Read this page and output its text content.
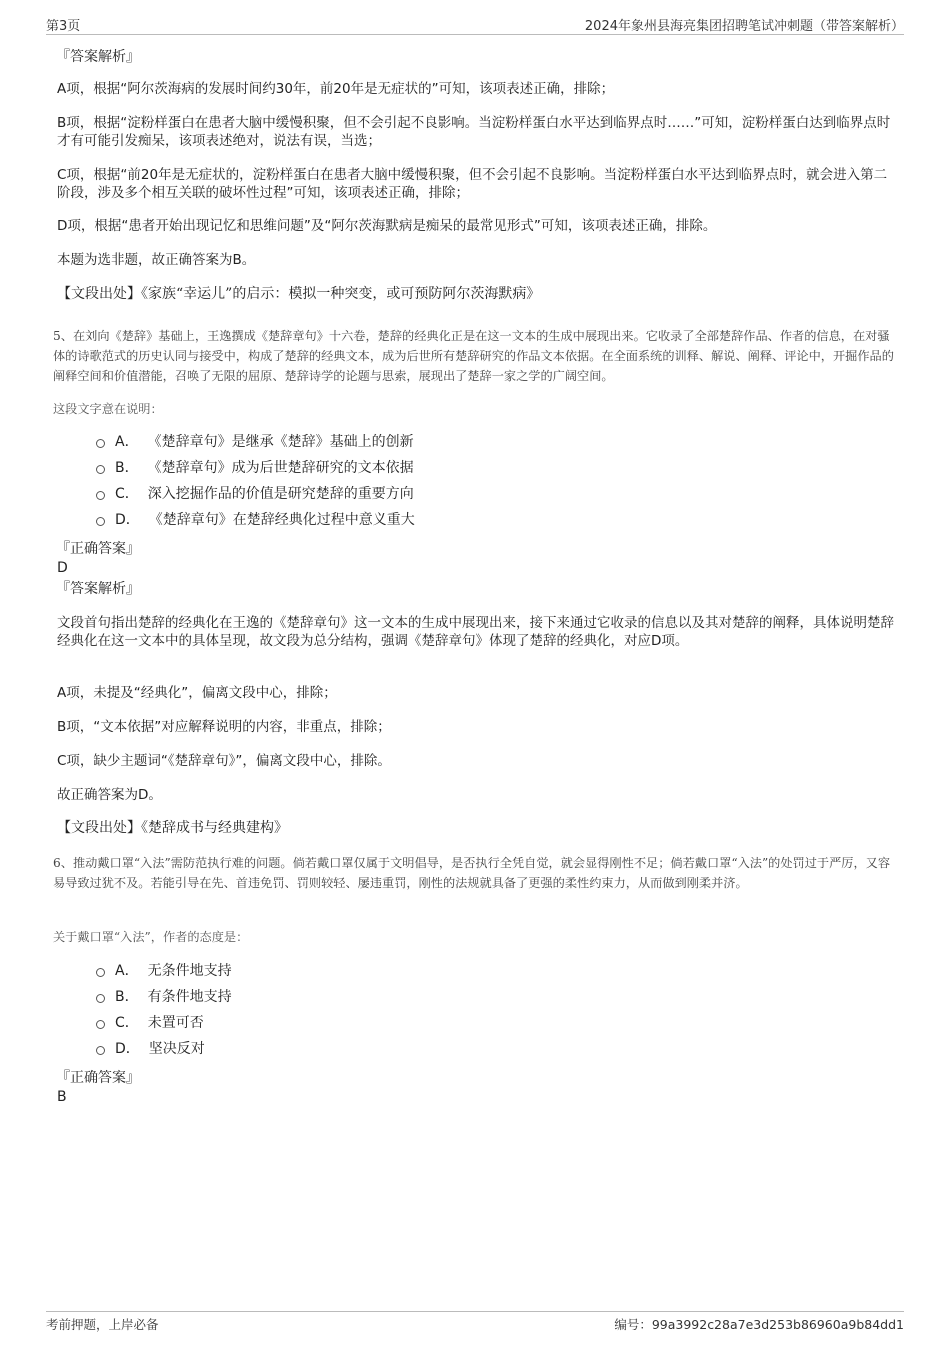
第3页	2024年象州县海亮集团招聘笔试冲刺题（带答案解析）
『答案解析』

A项，根据“阿尔茨海病的发展时间约30年，前20年是无症状的”可知，该项表述正确，排除；

B项，根据“淀粉样蛋白在患者大脑中缓慢积聚，但不会引起不良影响。当淀粉样蛋白水平达到临界点时……”可知，淀粉样蛋白达到临界点时才有可能引发痴呆，该项表述绝对，说法有误，当选；

C项，根据“前20年是无症状的，淀粉样蛋白在患者大脑中缓慢积聚，但不会引起不良影响。当淀粉样蛋白水平达到临界点时，就会进入第二阶段，涉及多个相互关联的破坏性过程”可知，该项表述正确，排除；

D项，根据“患者开始出现记忆和思维问题”及“阿尔茨海默病是痴呆的最常见形式”可知，该项表述正确，排除。

本题为选非题，故正确答案为B。

【文段出处】《家族“幸运儿”的启示：模拟一种突变，或可预防阿尔茨海默病》

5、在刘向《楚辞》基础上，王逸撰成《楚辞章句》十六卷，楚辞的经典化正是在这一文本的生成中展现出来。它收录了全部楚辞作品、作者的信息，在对骚体的诗歌范式的历史认同与接受中，构成了楚辞的经典文本，成为后世所有楚辞研究的作品文本依据。在全面系统的训释、解说、阐释、评论中，开掘作品的阐释空间和价值潜能，召唤了无限的屈原、楚辞诗学的论题与思索，展现出了楚辞一家之学的广阔空间。

这段文字意在说明：

A． 《楚辞章句》是继承《楚辞》基础上的创新
B． 《楚辞章句》成为后世楚辞研究的文本依据
C． 深入挖掘作品的价值是研究楚辞的重要方向
D． 《楚辞章句》在楚辞经典化过程中意义重大
『正确答案』
D
『答案解析』

文段首句指出楚辞的经典化在王逸的《楚辞章句》这一文本的生成中展现出来，接下来通过它收录的信息以及其对楚辞的阐释，具体说明楚辞经典化在这一文本中的具体呈现，故文段为总分结构，强调《楚辞章句》体现了楚辞的经典化，对应D项。

A项，未提及“经典化”，偏离文段中心，排除；

B项，“文本依据”对应解释说明的内容，非重点，排除；

C项，缺少主题词“《楚辞章句》”，偏离文段中心，排除。

故正确答案为D。

【文段出处】《楚辞成书与经典建构》

6、推动戴口罩“入法”需防范执行难的问题。倘若戴口罩仅属于文明倡导，是否执行全凭自觉，就会显得刚性不足；倘若戴口罩“入法”的处罚过于严厉，又容易导致过犹不及。若能引导在先、首违免罚、罚则较轻、屡违重罚，刚性的法规就具备了更强的柔性约束力，从而做到刚柔并济。

关于戴口罩“入法”，作者的态度是：

A． 无条件地支持
B． 有条件地支持
C． 未置可否
D． 坚决反对
『正确答案』
B
考前押题，上岸必备	编号：99a3992c28a7e3d253b86960a9b84dd1
